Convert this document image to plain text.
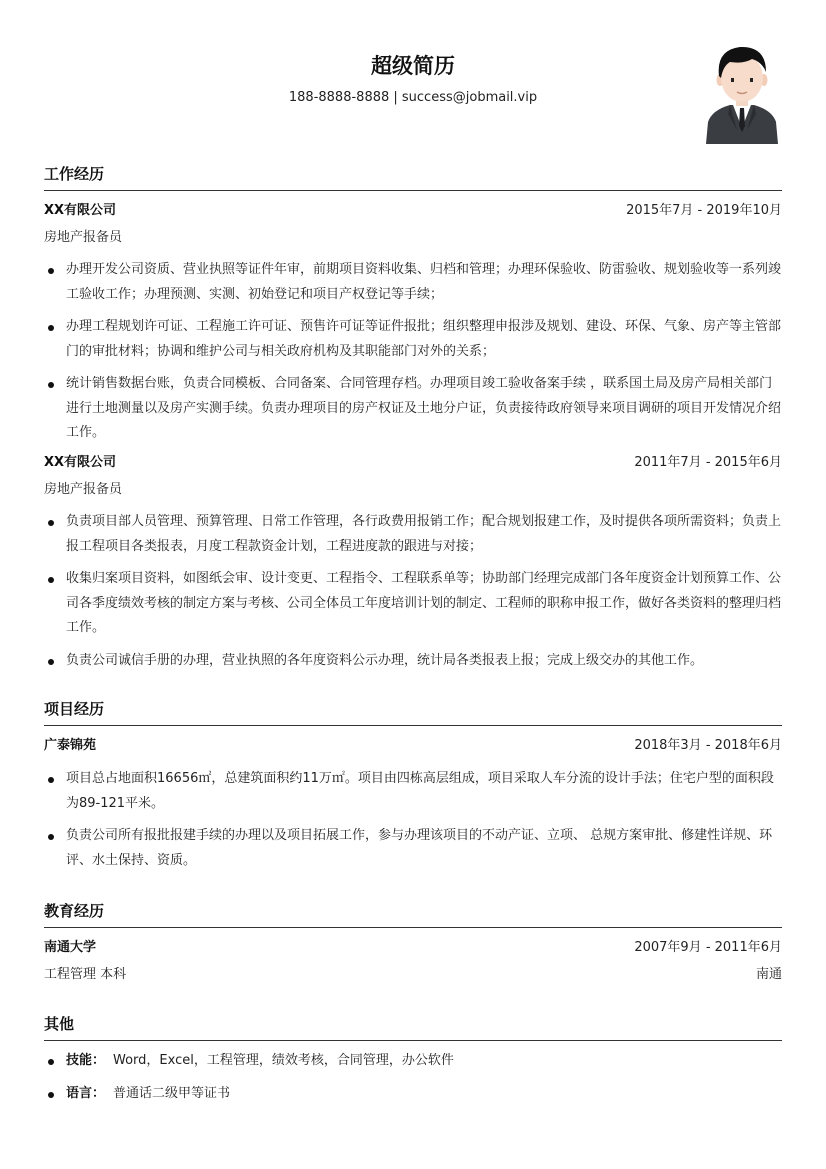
超级简历
188-8888-8888 | success@jobmail.vip
工作经历
XX有限公司	2015年7月 - 2019年10月
房地产报备员
办理开发公司资质、营业执照等证件年审，前期项目资料收集、归档和管理；办理环保验收、防雷验收、规划验收等一系列竣工验收工作；办理预测、实测、初始登记和项目产权登记等手续；
办理工程规划许可证、工程施工许可证、预售许可证等证件报批；组织整理申报涉及规划、建设、环保、气象、房产等主管部门的审批材料；协调和维护公司与相关政府机构及其职能部门对外的关系；
统计销售数据台账，负责合同模板、合同备案、合同管理存档。办理项目竣工验收备案手续 ，联系国土局及房产局相关部门进行土地测量以及房产实测手续。负责办理项目的房产权证及土地分户证，负责接待政府领导来项目调研的项目开发情况介绍工作。
XX有限公司	2011年7月 - 2015年6月
房地产报备员
负责项目部人员管理、预算管理、日常工作管理，各行政费用报销工作；配合规划报建工作，及时提供各项所需资料；负责上报工程项目各类报表，月度工程款资金计划，工程进度款的跟进与对接；
收集归案项目资料，如图纸会审、设计变更、工程指令、工程联系单等；协助部门经理完成部门各年度资金计划预算工作、公司各季度绩效考核的制定方案与考核、公司全体员工年度培训计划的制定、工程师的职称申报工作，做好各类资料的整理归档工作。
负责公司诚信手册的办理，营业执照的各年度资料公示办理，统计局各类报表上报；完成上级交办的其他工作。
项目经历
广泰锦苑	2018年3月 - 2018年6月
项目总占地面积16656㎡，总建筑面积约11万㎡。项目由四栋高层组成，项目采取人车分流的设计手法；住宅户型的面积段为89-121平米。
负责公司所有报批报建手续的办理以及项目拓展工作，参与办理该项目的不动产证、立项、 总规方案审批、修建性详规、环评、水土保持、资质。
教育经历
南通大学	2007年9月 - 2011年6月
工程管理 本科	南通
其他
技能： Word，Excel，工程管理，绩效考核，合同管理，办公软件
语言： 普通话二级甲等证书
